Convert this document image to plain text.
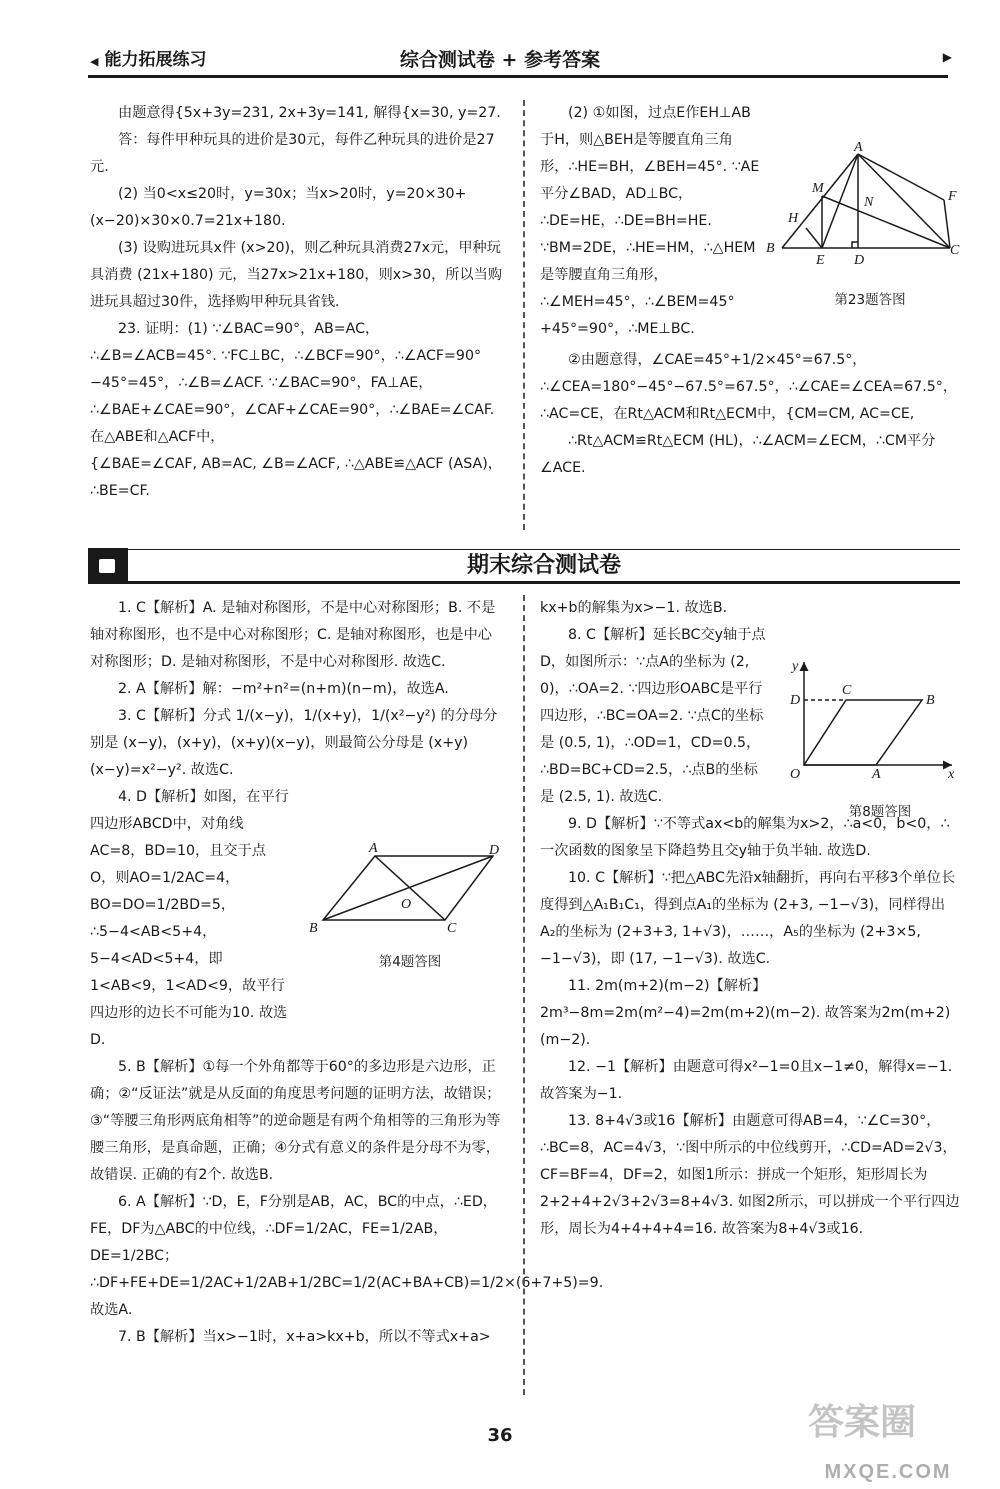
◀ 能力拓展练习	综合测试卷 + 参考答案	▶

由题意得{5x+3y=231, 2x+3y=141, 解得{x=30, y=27.

答：每件甲种玩具的进价是30元，每件乙种玩具的进价是27元.

(2) 当0<x≤20时，y=30x；当x>20时，y=20×30+(x−20)×30×0.7=21x+180.

(3) 设购进玩具x件 (x>20)，则乙种玩具消费27x元，甲种玩具消费 (21x+180) 元，当27x>21x+180，则x>30，所以当购进玩具超过30件，选择购甲种玩具省钱.

23. 证明：(1) ∵∠BAC=90°，AB=AC，∴∠B=∠ACB=45°. ∵FC⊥BC，∴∠BCF=90°，∴∠ACF=90°−45°=45°，∴∠B=∠ACF. ∵∠BAC=90°，FA⊥AE，∴∠BAE+∠CAE=90°，∠CAF+∠CAE=90°，∴∠BAE=∠CAF. 在△ABE和△ACF中，

{∠BAE=∠CAF, AB=AC, ∠B=∠ACF, ∴△ABE≌△ACF (ASA)，∴BE=CF.

(2) ①如图，过点E作EH⊥AB于H，则△BEH是等腰直角三角形，∴HE=BH，∠BEH=45°. ∵AE平分∠BAD，AD⊥BC，∴DE=HE，∴DE=BH=HE. ∵BM=2DE，∴HE=HM，∴△HEM是等腰直角三角形，∴∠MEH=45°，∴∠BEM=45°+45°=90°，∴ME⊥BC.

②由题意得，∠CAE=45°+1/2×45°=67.5°，∴∠CEA=180°−45°−67.5°=67.5°，∴∠CAE=∠CEA=67.5°，∴AC=CE，在Rt△ACM和Rt△ECM中，{CM=CM, AC=CE,

∴Rt△ACM≌Rt△ECM (HL)，∴∠ACM=∠ECM，∴CM平分∠ACE.

A
M
N	F
H
B
E D
C
第23题答图
期末综合测试卷

1. C【解析】A. 是轴对称图形，不是中心对称图形；B. 不是轴对称图形，也不是中心对称图形；C. 是轴对称图形，也是中心对称图形；D. 是轴对称图形，不是中心对称图形. 故选C.

2. A【解析】解：−m²+n²=(n+m)(n−m)，故选A.

3. C【解析】分式 1/(x−y)，1/(x+y)，1/(x²−y²) 的分母分别是 (x−y)，(x+y)，(x+y)(x−y)，则最简公分母是 (x+y)(x−y)=x²−y². 故选C.

4. D【解析】如图，在平行四边形ABCD中，对角线AC=8，BD=10，且交于点O，则AO=1/2AC=4，BO=DO=1/2BD=5，∴5−4<AB<5+4，5−4<AD<5+4，即1<AB<9，1<AD<9，故平行四边形的边长不可能为10. 故选D.

5. B【解析】①每一个外角都等于60°的多边形是六边形，正确；②“反证法”就是从反面的角度思考问题的证明方法，故错误；③“等腰三角形两底角相等”的逆命题是有两个角相等的三角形为等腰三角形，是真命题，正确；④分式有意义的条件是分母不为零，故错误. 正确的有2个. 故选B.

6. A【解析】∵D，E，F分别是AB，AC，BC的中点，∴ED，FE，DF为△ABC的中位线，∴DF=1/2AC，FE=1/2AB，DE=1/2BC；∴DF+FE+DE=1/2AC+1/2AB+1/2BC=1/2(AC+BA+CB)=1/2×(6+7+5)=9. 故选A.

7. B【解析】当x>−1时，x+a>kx+b，所以不等式x+a>

A	D
O
B	C
第4题答图

kx+b的解集为x>−1. 故选B.

8. C【解析】延长BC交y轴于点D，如图所示：∵点A的坐标为 (2, 0)，∴OA=2. ∵四边形OABC是平行四边形，∴BC=OA=2. ∵点C的坐标是 (0.5, 1)，∴OD=1，CD=0.5，∴BD=BC+CD=2.5，∴点B的坐标是 (2.5, 1). 故选C.

9. D【解析】∵不等式ax<b的解集为x>2，∴a<0，b<0，∴一次函数的图象呈下降趋势且交y轴于负半轴. 故选D.

10. C【解析】∵把△ABC先沿x轴翻折，再向右平移3个单位长度得到△A₁B₁C₁，得到点A₁的坐标为 (2+3, −1−√3)，同样得出A₂的坐标为 (2+3+3, 1+√3)，……，A₅的坐标为 (2+3×5, −1−√3)，即 (17, −1−√3). 故选C.

11. 2m(m+2)(m−2)【解析】2m³−8m=2m(m²−4)=2m(m+2)(m−2). 故答案为2m(m+2)(m−2).

12. −1【解析】由题意可得x²−1=0且x−1≠0，解得x=−1. 故答案为−1.

13. 8+4√3或16【解析】由题意可得AB=4，∵∠C=30°，∴BC=8，AC=4√3，∵图中所示的中位线剪开，∴CD=AD=2√3，CF=BF=4，DF=2，如图1所示：拼成一个矩形，矩形周长为2+2+4+2√3+2√3=8+4√3. 如图2所示，可以拼成一个平行四边形，周长为4+4+4+4=16. 故答案为8+4√3或16.

y
D
C
B
O	A	x
第8题答图
36	答案圈
MXQE.COM
